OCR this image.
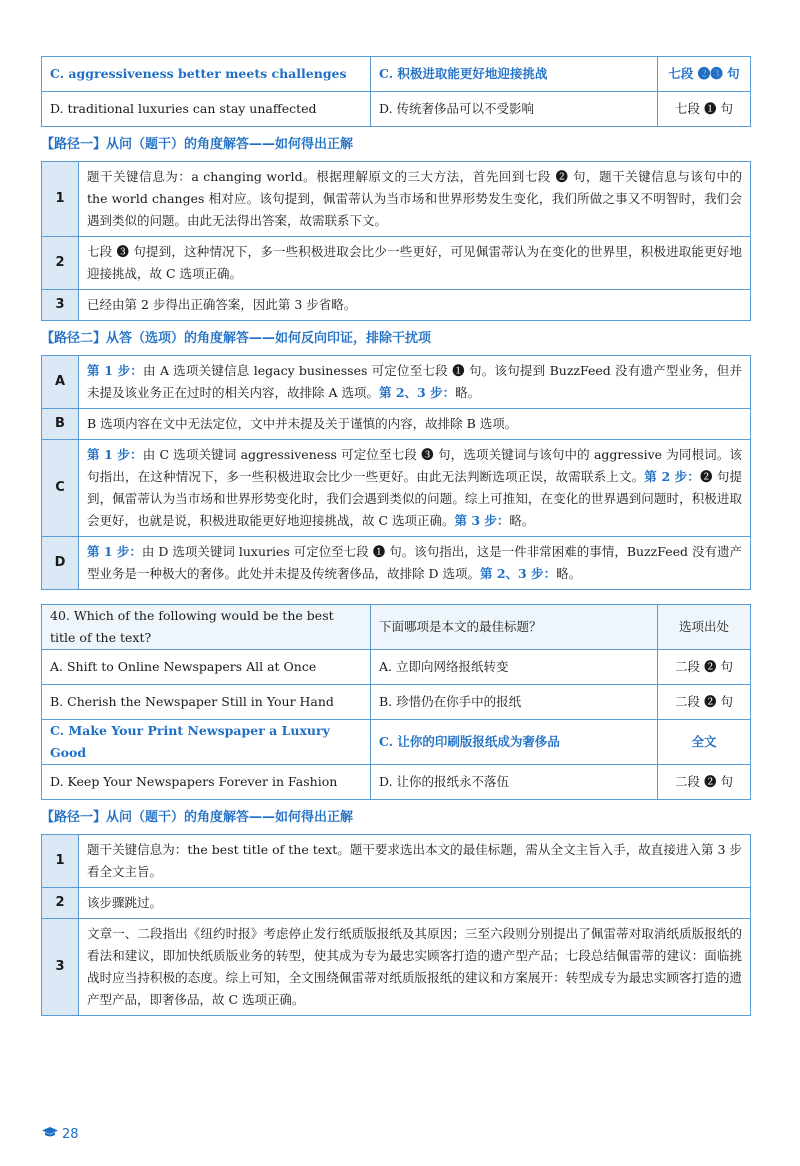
C. aggressiveness better meets challenges	C. 积极进取能更好地迎接挑战	七段 ❷❸ 句
D. traditional luxuries can stay unaffected	D. 传统奢侈品可以不受影响	七段 ❶ 句
【路径一】从问（题干）的角度解答——如何得出正解
1	题干关键信息为：a changing world。根据理解原文的三大方法，首先回到七段 ❷ 句，题干关键信息与该句中的 the world changes 相对应。该句提到，佩雷蒂认为当市场和世界形势发生变化，我们所做之事又不明智时，我们会遇到类似的问题。由此无法得出答案，故需联系下文。
2	七段 ❸ 句提到，这种情况下，多一些积极进取会比少一些更好，可见佩雷蒂认为在变化的世界里，积极进取能更好地迎接挑战，故 C 选项正确。
3	已经由第 2 步得出正确答案，因此第 3 步省略。
【路径二】从答（选项）的角度解答——如何反向印证，排除干扰项
A	第 1 步：由 A 选项关键信息 legacy businesses 可定位至七段 ❶ 句。该句提到 BuzzFeed 没有遗产型业务，但并未提及该业务正在过时的相关内容，故排除 A 选项。第 2、3 步：略。
B	B 选项内容在文中无法定位，文中并未提及关于谨慎的内容，故排除 B 选项。
C	第 1 步：由 C 选项关键词 aggressiveness 可定位至七段 ❸ 句，选项关键词与该句中的 aggressive 为同根词。该句指出，在这种情况下，多一些积极进取会比少一些更好。由此无法判断选项正误，故需联系上文。第 2 步：❷ 句提到，佩雷蒂认为当市场和世界形势变化时，我们会遇到类似的问题。综上可推知，在变化的世界遇到问题时，积极进取会更好，也就是说，积极进取能更好地迎接挑战，故 C 选项正确。第 3 步：略。
D	第 1 步：由 D 选项关键词 luxuries 可定位至七段 ❶ 句。该句指出，这是一件非常困难的事情，BuzzFeed 没有遗产型业务是一种极大的奢侈。此处并未提及传统奢侈品，故排除 D 选项。第 2、3 步：略。
40. Which of the following would be the best title of the text?	下面哪项是本文的最佳标题？	选项出处
A. Shift to Online Newspapers All at Once	A. 立即向网络报纸转变	二段 ❷ 句
B. Cherish the Newspaper Still in Your Hand	B. 珍惜仍在你手中的报纸	二段 ❷ 句
C. Make Your Print Newspaper a Luxury Good	C. 让你的印刷版报纸成为奢侈品	全文
D. Keep Your Newspapers Forever in Fashion	D. 让你的报纸永不落伍	二段 ❷ 句
【路径一】从问（题干）的角度解答——如何得出正解
1	题干关键信息为：the best title of the text。题干要求选出本文的最佳标题，需从全文主旨入手，故直接进入第 3 步看全文主旨。
2	该步骤跳过。
3	文章一、二段指出《纽约时报》考虑停止发行纸质版报纸及其原因；三至六段则分别提出了佩雷蒂对取消纸质版报纸的看法和建议，即加快纸质版业务的转型，使其成为专为最忠实顾客打造的遗产型产品；七段总结佩雷蒂的建议：面临挑战时应当持积极的态度。综上可知，全文围绕佩雷蒂对纸质版报纸的建议和方案展开：转型成专为最忠实顾客打造的遗产型产品，即奢侈品，故 C 选项正确。
28
